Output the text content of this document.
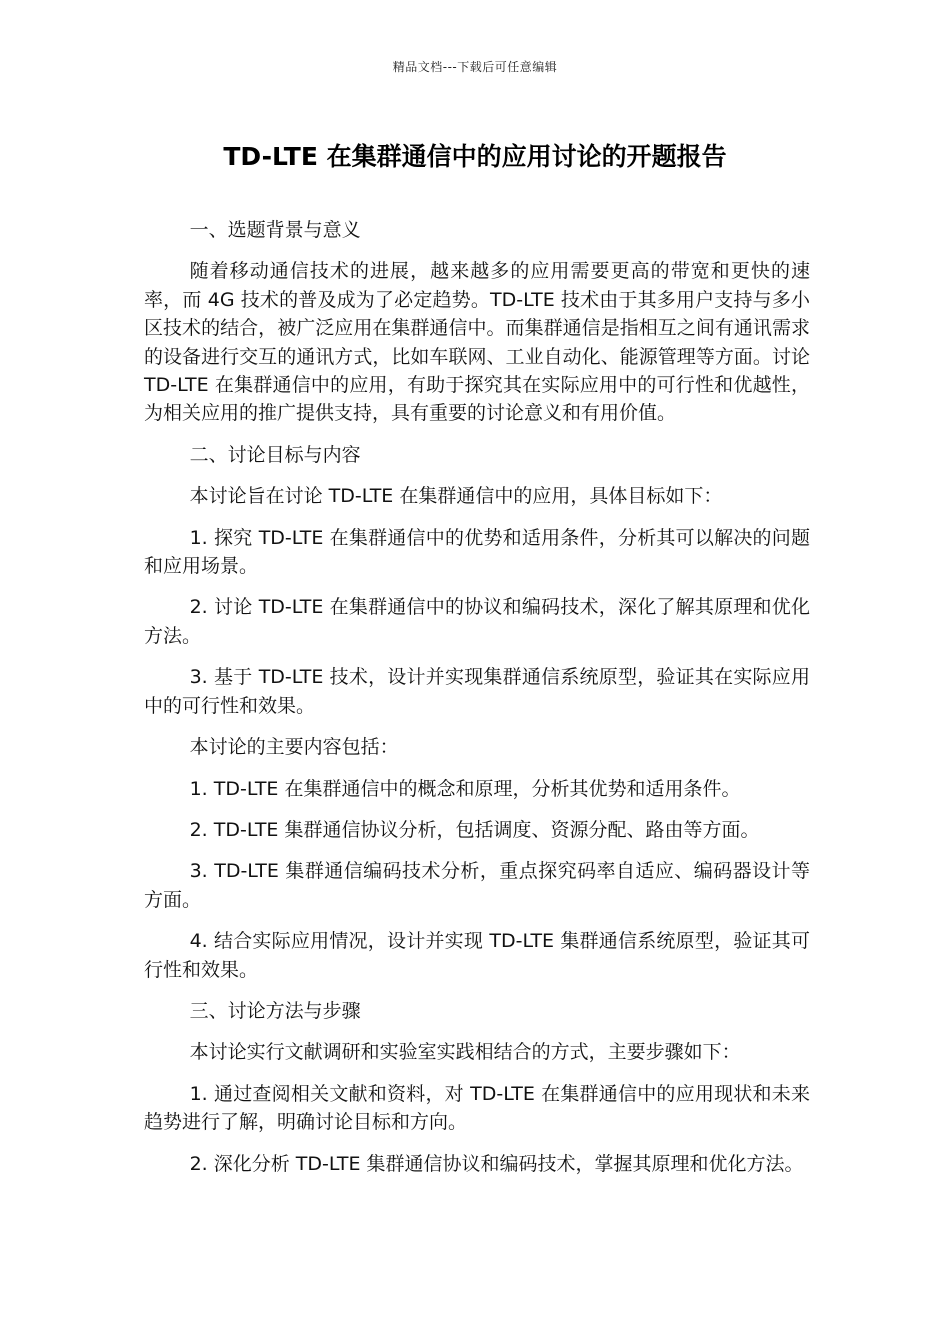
精品文档---下载后可任意编辑
TD-LTE 在集群通信中的应用讨论的开题报告

一、选题背景与意义

随着移动通信技术的进展，越来越多的应用需要更高的带宽和更快的速率，而 4G 技术的普及成为了必定趋势。TD-LTE 技术由于其多用户支持与多小区技术的结合，被广泛应用在集群通信中。而集群通信是指相互之间有通讯需求的设备进行交互的通讯方式，比如车联网、工业自动化、能源管理等方面。讨论 TD-LTE 在集群通信中的应用，有助于探究其在实际应用中的可行性和优越性，为相关应用的推广提供支持，具有重要的讨论意义和有用价值。

二、讨论目标与内容

本讨论旨在讨论 TD-LTE 在集群通信中的应用，具体目标如下：

1. 探究 TD-LTE 在集群通信中的优势和适用条件，分析其可以解决的问题和应用场景。

2. 讨论 TD-LTE 在集群通信中的协议和编码技术，深化了解其原理和优化方法。

3. 基于 TD-LTE 技术，设计并实现集群通信系统原型，验证其在实际应用中的可行性和效果。

本讨论的主要内容包括：

1. TD-LTE 在集群通信中的概念和原理，分析其优势和适用条件。

2. TD-LTE 集群通信协议分析，包括调度、资源分配、路由等方面。

3. TD-LTE 集群通信编码技术分析，重点探究码率自适应、编码器设计等方面。

4. 结合实际应用情况，设计并实现 TD-LTE 集群通信系统原型，验证其可行性和效果。

三、讨论方法与步骤

本讨论实行文献调研和实验室实践相结合的方式，主要步骤如下：

1. 通过查阅相关文献和资料，对 TD-LTE 在集群通信中的应用现状和未来趋势进行了解，明确讨论目标和方向。

2. 深化分析 TD-LTE 集群通信协议和编码技术，掌握其原理和优化方法。
